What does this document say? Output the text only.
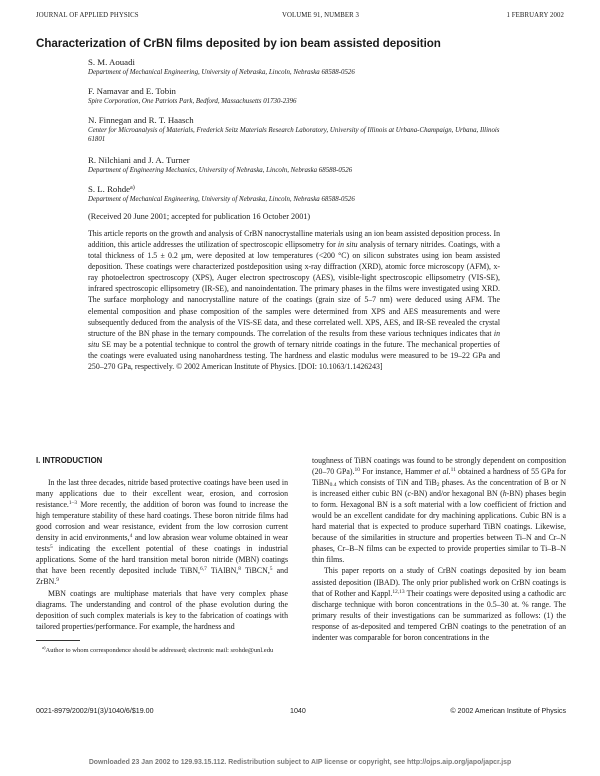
JOURNAL OF APPLIED PHYSICS	VOLUME 91, NUMBER 3	1 FEBRUARY 2002
Characterization of CrBN films deposited by ion beam assisted deposition
S. M. Aouadi
Department of Mechanical Engineering, University of Nebraska, Lincoln, Nebraska 68588-0526
F. Namavar and E. Tobin
Spire Corporation, One Patriots Park, Bedford, Massachusetts 01730-2396
N. Finnegan and R. T. Haasch
Center for Microanalysis of Materials, Frederick Seitz Materials Research Laboratory, University of Illinois at Urbana-Champaign, Urbana, Illinois 61801
R. Nilchiani and J. A. Turner
Department of Engineering Mechanics, University of Nebraska, Lincoln, Nebraska 68588-0526
S. L. Rohde$^{a)}$
Department of Mechanical Engineering, University of Nebraska, Lincoln, Nebraska 68588-0526
(Received 20 June 2001; accepted for publication 16 October 2001)
This article reports on the growth and analysis of CrBN nanocrystalline materials using an ion beam assisted deposition process. In addition, this article addresses the utilization of spectroscopic ellipsometry for in situ analysis of ternary nitrides. Coatings, with a total thickness of 1.5 ± 0.2 μm, were deposited at low temperatures (<200 °C) on silicon substrates using ion beam assisted deposition. These coatings were characterized postdeposition using x-ray diffraction (XRD), atomic force microscopy (AFM), x-ray photoelectron spectroscopy (XPS), Auger electron spectroscopy (AES), visible-light spectroscopic ellipsometry (VIS-SE), infrared spectroscopic ellipsometry (IR-SE), and nanoindentation. The primary phases in the films were investigated using XRD. The surface morphology and nanocrystalline nature of the coatings (grain size of 5–7 nm) were deduced using AFM. The elemental composition and phase composition of the samples were determined from XPS and AES measurements and were subsequently deduced from the analysis of the VIS-SE data, and these correlated well. XPS, AES, and IR-SE revealed the crystal structure of the BN phase in the ternary compounds. The correlation of the results from these various techniques indicates that in situ SE may be a potential technique to control the growth of ternary nitride coatings in the future. The mechanical properties of the coatings were evaluated using nanohardness testing. The hardness and elastic modulus were measured to be 19–22 GPa and 250–270 GPa, respectively. © 2002 American Institute of Physics. [DOI: 10.1063/1.1426243]

I. INTRODUCTION

In the last three decades, nitride based protective coatings have been used in many applications due to their excellent wear, erosion, and corrosion resistance.$^{1-3}$ More recently, the addition of boron was found to increase the high temperature stability of these hard coatings. These boron nitride films had good corrosion and wear resistance, evident from the low corrosion current density in acid environments,$^4$ and low abrasion wear volume obtained in wear tests$^5$ indicating the excellent potential of these coatings in industrial applications. Some of the hard transition metal boron nitride (MBN) coatings that have been recently deposited include TiBN,$^{6,7}$ TiAlBN,$^8$ TiBCN,$^5$ and ZrBN.$^9$

MBN coatings are multiphase materials that have very complex phase diagrams. The understanding and control of the phase evolution during the deposition of such complex materials is key to the fabrication of coatings with tailored properties/performance. For example, the hardness and

$^{a)}$Author to whom correspondence should be addressed; electronic mail: srohde@unl.edu

toughness of TiBN coatings was found to be strongly dependent on composition (20–70 GPa).$^{10}$ For instance, Hammer et al.$^{11}$ obtained a hardness of 55 GPa for TiBN$_{0.4}$ which consists of TiN and TiB$_2$ phases. As the concentration of B or N is increased either cubic BN (c-BN) and/or hexagonal BN (h-BN) phases begin to form. Hexagonal BN is a soft material with a low coefficient of friction and would be an excellent candidate for dry machining applications. Cubic BN is a hard material that is expected to produce superhard TiBN coatings. Likewise, because of the similarities in structure and properties between Ti–N and Cr–N phases, Cr–B–N films can be expected to provide properties similar to Ti–B–N thin films.

This paper reports on a study of CrBN coatings deposited by ion beam assisted deposition (IBAD). The only prior published work on CrBN coatings is that of Rother and Kappl.$^{12,13}$ Their coatings were deposited using a cathodic arc discharge technique with boron concentrations in the 0.5–30 at. % range. The primary results of their investigations can be summarized as follows: (1) the response of as-deposited and tempered CrBN coatings to the penetration of an indenter was comparable for boron concentrations in the

0021-8979/2002/91(3)/1040/6/$19.00	1040	© 2002 American Institute of Physics
Downloaded 23 Jan 2002 to 129.93.15.112. Redistribution subject to AIP license or copyright, see http://ojps.aip.org/japo/japcr.jsp
